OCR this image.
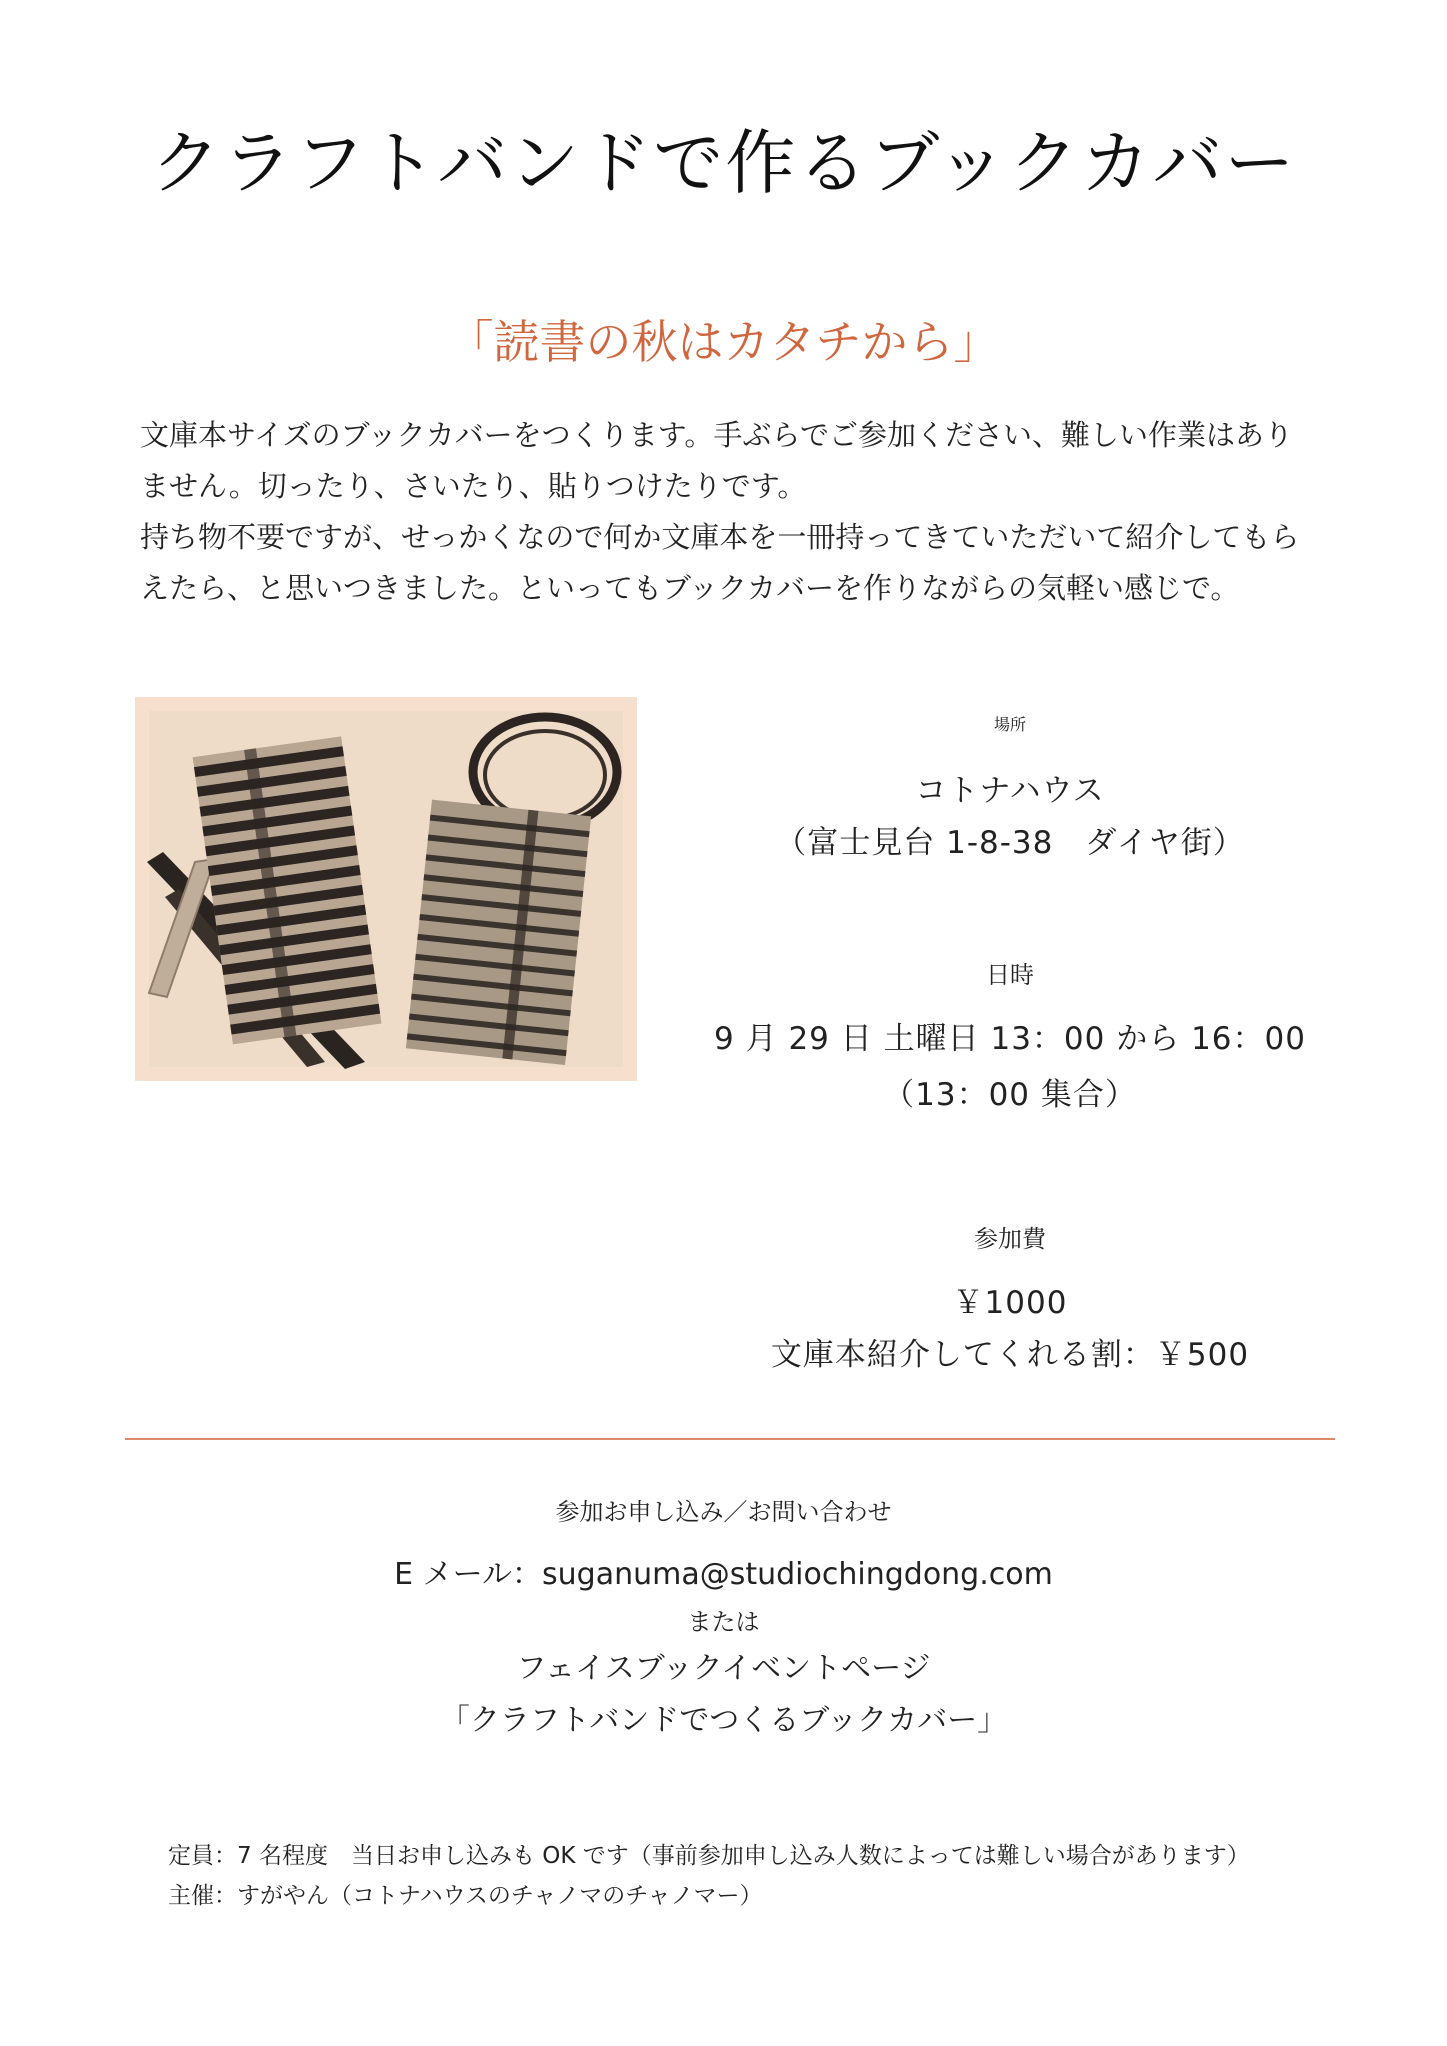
クラフトバンドで作るブックカバー
「読書の秋はカタチから」

文庫本サイズのブックカバーをつくります。手ぶらでご参加ください、難しい作業はあり

ません。切ったり、さいたり、貼りつけたりです。

持ち物不要ですが、せっかくなので何か文庫本を一冊持ってきていただいて紹介してもら

えたら、と思いつきました。といってもブックカバーを作りながらの気軽い感じで。

場所
コトナハウス
（富士見台 1-8-38　ダイヤ街）
日時
9 月 29 日 土曜日 13：00 から 16：00
（13：00 集合）
参加費
￥1000
文庫本紹介してくれる割：￥500
参加お申し込み／お問い合わせ
E メール：suganuma@studiochingdong.com
または
フェイスブックイベントページ
「クラフトバンドでつくるブックカバー」

定員：7 名程度　当日お申し込みも OK です（事前参加申し込み人数によっては難しい場合があります）

主催：すがやん（コトナハウスのチャノマのチャノマー）
